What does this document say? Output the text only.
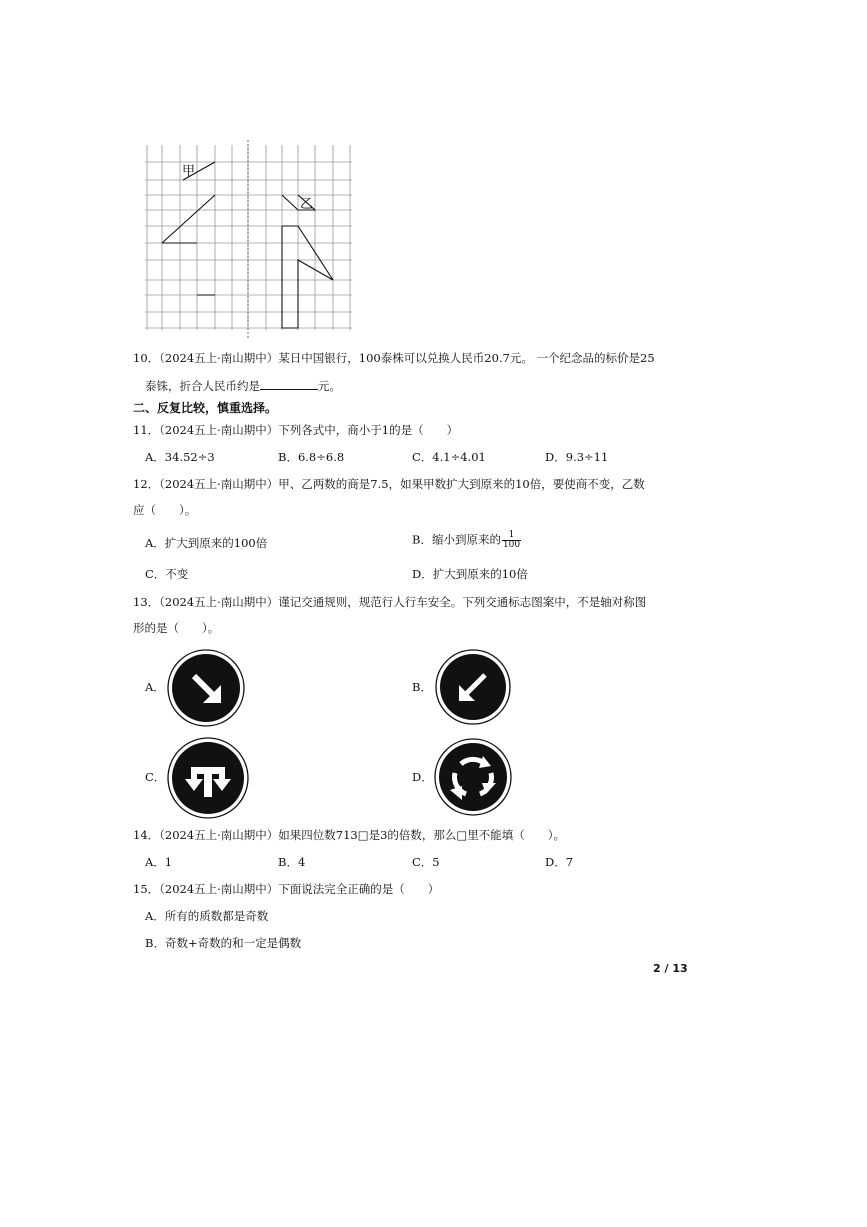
甲
乙
10．（2024五上·南山期中）某日中国银行，100泰株可以兑换人民币20.7元。 一个纪念品的标价是25
泰铢，折合人民币约是	元。
二、反复比较，慎重选择。
11．（2024五上·南山期中）下列各式中，商小于1的是（　　）
A．34.52÷3	B．6.8÷6.8	C．4.1÷4.01	D．9.3÷11
12．（2024五上·南山期中）甲、乙两数的商是7.5，如果甲数扩大到原来的10倍，要使商不变，乙数
应（　　）。
A．扩大到原来的100倍	B．缩小到原来的 $\frac{1}{100}$
C．不变	D．扩大到原来的10倍
13．（2024五上·南山期中）谨记交通规则，规范行人行车安全。下列交通标志图案中，不是轴对称图
形的是（　　）。
A．	B．
C．	D．
14．（2024五上·南山期中）如果四位数713□是3的倍数，那么□里不能填（　　）。
A．1	B．4	C．5	D．7
15．（2024五上·南山期中）下面说法完全正确的是（　　）
A．所有的质数都是奇数
B．奇数+奇数的和一定是偶数
2 / 13
